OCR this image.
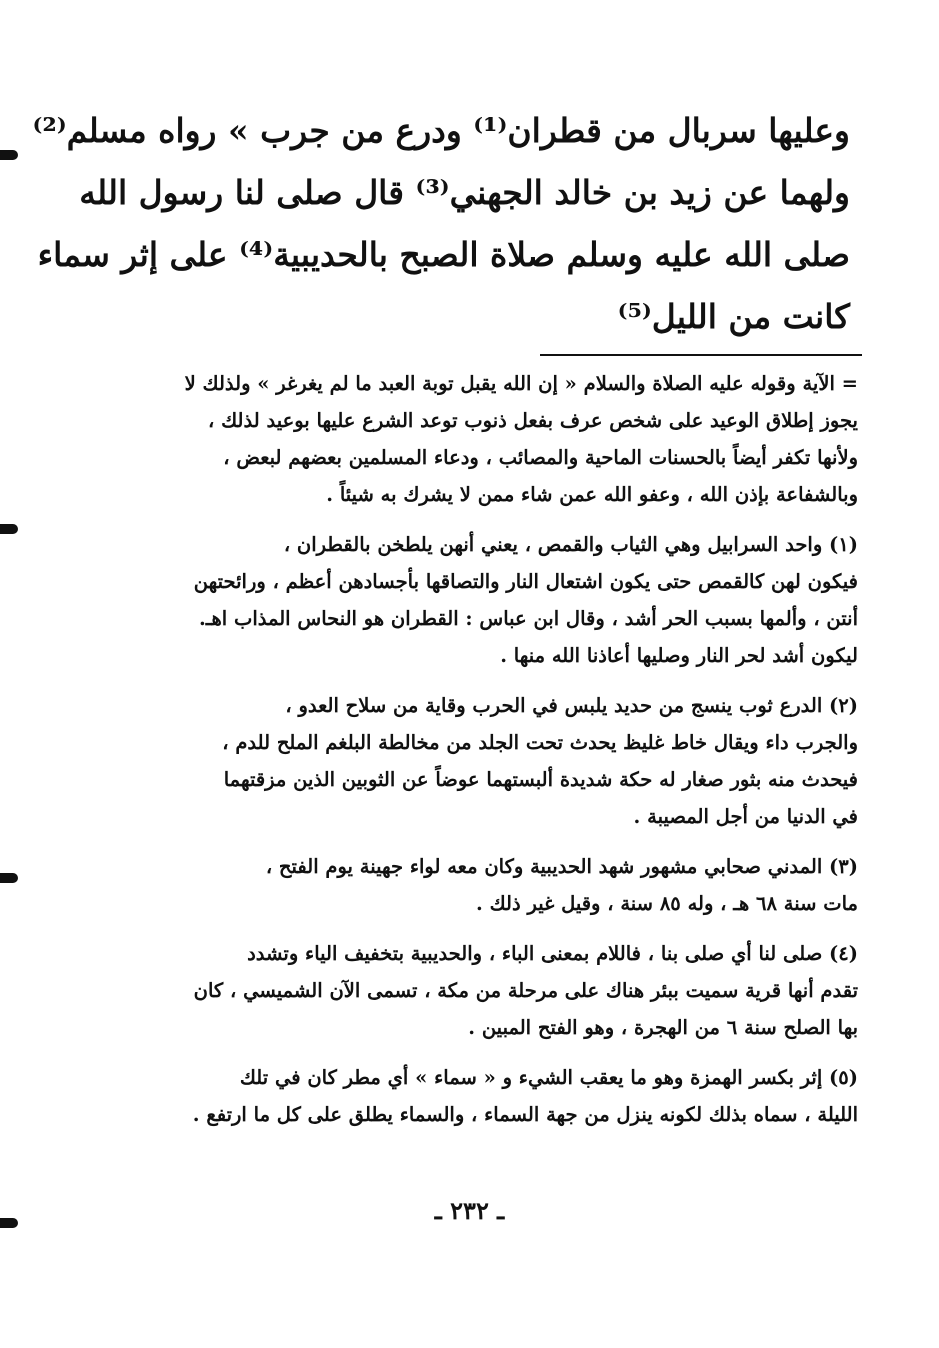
وعليها سربال من قطران⁽¹⁾ ودرع من جرب » رواه مسلم⁽²⁾
ولهما عن زيد بن خالد الجهني⁽³⁾ قال صلى لنا رسول الله
صلى الله عليه وسلم صلاة الصبح بالحديبية⁽⁴⁾ على إثر سماء
كانت من الليل⁽⁵⁾
= الآية وقوله عليه الصلاة والسلام « إن الله يقبل توبة العبد ما لم يغرغر » ولذلك لا
يجوز إطلاق الوعيد على شخص عرف بفعل ذنوب توعد الشرع عليها بوعيد لذلك ،
ولأنها تكفر أيضاً بالحسنات الماحية والمصائب ، ودعاء المسلمين بعضهم لبعض ،
وبالشفاعة بإذن الله ، وعفو الله عمن شاء ممن لا يشرك به شيئاً .
(١) واحد السرابيل وهي الثياب والقمص ، يعني أنهن يلطخن بالقطران ،
فيكون لهن كالقمص حتى يكون اشتعال النار والتصاقها بأجسادهن أعظم ، ورائحتهن
أنتن ، وألمها بسبب الحر أشد ، وقال ابن عباس : القطران هو النحاس المذاب اهـ.
ليكون أشد لحر النار وصليها أعاذنا الله منها .
(٢) الدرع ثوب ينسج من حديد يلبس في الحرب وقاية من سلاح العدو ،
والجرب داء ويقال خاط غليظ يحدث تحت الجلد من مخالطة البلغم الملح للدم ،
فيحدث منه بثور صغار له حكة شديدة ألبستهما عوضاً عن الثوبين الذين مزقتهما
في الدنيا من أجل المصيبة .
(٣) المدني صحابي مشهور شهد الحديبية وكان معه لواء جهينة يوم الفتح ،
مات سنة ٦٨ هـ ، وله ٨٥ سنة ، وقيل غير ذلك .
(٤) صلى لنا أي صلى بنا ، فاللام بمعنى الباء ، والحديبية بتخفيف الياء وتشدد
تقدم أنها قرية سميت ببئر هناك على مرحلة من مكة ، تسمى الآن الشميسي ، كان
بها الصلح سنة ٦ من الهجرة ، وهو الفتح المبين .
(٥) إثر بكسر الهمزة وهو ما يعقب الشيء و « سماء » أي مطر كان في تلك
الليلة ، سماه بذلك لكونه ينزل من جهة السماء ، والسماء يطلق على كل ما ارتفع .
ـ ٢٣٢ ـ
